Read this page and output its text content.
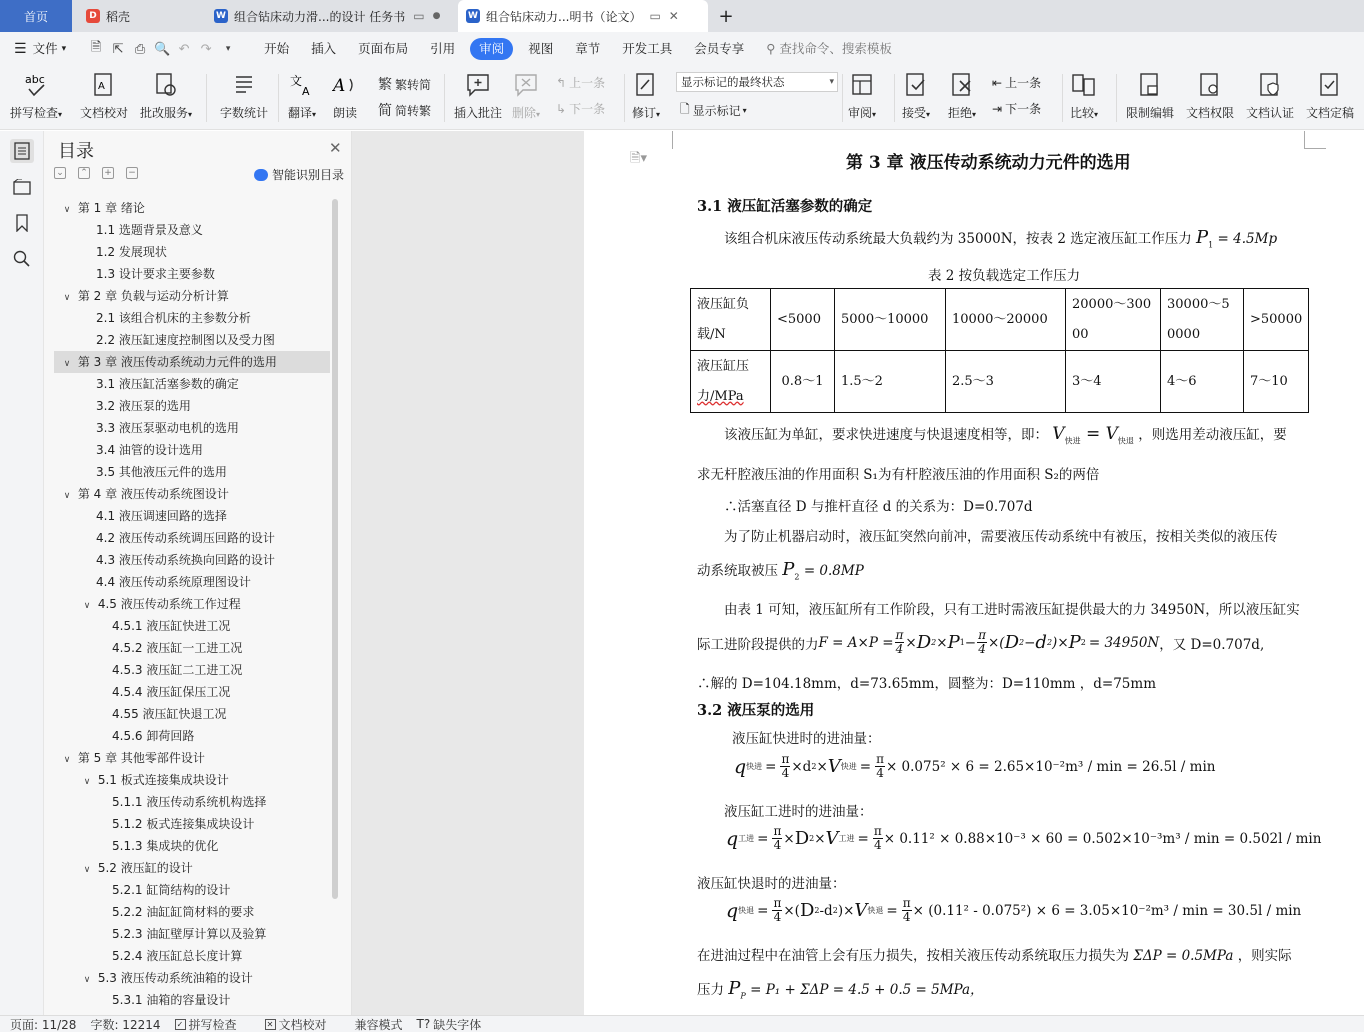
首页	D 稻壳	W 组合钻床动力滑...的设计 任务书 ▭ ●	W 组合钻床动力...明书（论文） ▭ ✕ +
☰ 文件 ▾	🗎 ⇱ ⎙ 🔍 ↶ ↷	▾	开始	插入	页面布局	引用	审阅	视图	章节	开发工具	会员专享	⚲ 查找命令、搜索模板
abc
拼写检查▾
A
文档校对 批改服务▾ 字数统计
文
A
翻译▾
A
朗读
繁 繁转简
简 简转繁 插入批注 删除▾
↰ 上一条
↳ 下一条 修订▾
显示标记的最终状态	▾
🗋 显示标记 ▾	审阅▾ 接受▾ 拒绝▾
⇤ 上一条
⇥ 下一条 比较▾ 限制编辑 文档权限 文档认证 文档定稿
目录	✕
⌄ ⌃ + −	智能识别目录
∨ 第 1 章 绪论
1.1 选题背景及意义
1.2 发展现状
1.3 设计要求主要参数
∨ 第 2 章 负载与运动分析计算
2.1 该组合机床的主参数分析
2.2 液压缸速度控制图以及受力图
∨ 第 3 章 液压传动系统动力元件的选用
3.1 液压缸活塞参数的确定
3.2 液压泵的选用
3.3 液压泵驱动电机的选用
3.4 油管的设计选用
3.5 其他液压元件的选用
∨ 第 4 章 液压传动系统图设计
4.1 液压调速回路的选择
4.2 液压传动系统调压回路的设计
4.3 液压传动系统换向回路的设计
4.4 液压传动系统原理图设计
∨ 4.5 液压传动系统工作过程
4.5.1 液压缸快进工况
4.5.2 液压缸一工进工况
4.5.3 液压缸二工进工况
4.5.4 液压缸保压工况
4.55 液压缸快退工况
4.5.6 卸荷回路
∨ 第 5 章 其他零部件设计
∨ 5.1 板式连接集成块设计
5.1.1 液压传动系统机构选择
5.1.2 板式连接集成块设计
5.1.3 集成块的优化
∨ 5.2 液压缸的设计
5.2.1 缸筒结构的设计
5.2.2 油缸缸筒材料的要求
5.2.3 油缸壁厚计算以及验算
5.2.4 液压缸总长度计算
∨ 5.3 液压传动系统油箱的设计
5.3.1 油箱的容量设计
🗎▾	第 3 章 液压传动系统动力元件的选用
3.1 液压缸活塞参数的确定
该组合机床液压传动系统最大负载约为 35000N，按表 2 选定液压缸工作压力 $P_1 = 4.5Mp$
表 2 按负载选定工作压力
液压缸负
载/N	<5000	5000～10000	10000～20000	20000～30000	30000～50000	>50000
液压缸压
力/MPa	0.8～1	1.5～2	2.5～3	3～4	4～6	7～10
该液压缸为单缸，要求快进速度与快退速度相等，即： $V_{快进} = V_{快退}$ ，则选用差动液压缸，要
求无杆腔液压油的作用面积 S₁为有杆腔液压油的作用面积 S₂的两倍
∴活塞直径 D 与推杆直径 d 的关系为：D=0.707d
为了防止机器启动时，液压缸突然向前冲，需要液压传动系统中有被压，按相关类似的液压传
动系统取被压 $P_2 = 0.8MP$
由表 1 可知，液压缸所有工作阶段，只有工进时需液压缸提供最大的力 34950N，所以液压缸实
际工进阶段提供的力 $F = A\times P = \frac{\pi}{4} \times D$ 2 × P $1 - \frac{\pi}{4}$ ×( D 2 − d 2 )× P 2 = 34950 N ，又 D=0.707d,
∴解的 D=104.18mm，d=73.65mm，圆整为：D=110mm ，d=75mm
3.2 液压泵的选用
液压缸快进时的进油量：
q 快进 = $\frac{\pi}{4} \times d$ 2 × V 快进 = $\frac{\pi}{4} \times 0.075^2 \times 6 = 2.65\times 10^{-2}m^3 / \min = 26.5l / \min$
液压缸工进时的进油量：
q 工进 = $\frac{\pi}{4} \times D$ 2 × V 工进 = $\frac{\pi}{4} \times 0.11^2 \times 0.88\times 10^{-3} \times 60 = 0.502\times 10^{-3}m^3 / \min = 0.502l / \min$
液压缸快退时的进油量：
q 快退 = $\frac{\pi}{4}$ ×( D 2 -d 2 )× V 快退 = $\frac{\pi}{4} \times (0.11^2 - 0.075^2) \times 6 = 3.05\times 10^{-2}m^3 / \min = 30.5l / \min$
在进油过程中在油管上会有压力损失，按相关液压传动系统取压力损失为 ΣΔP = 0.5MPa ，则实际
压力 $P_P = P_1 + \Sigma\Delta P = 4.5 + 0.5 = 5MPa$，
页面: 11/28 字数: 12214 ✓ 拼写检查	✕ 文档校对 兼容模式 T? 缺失字体
